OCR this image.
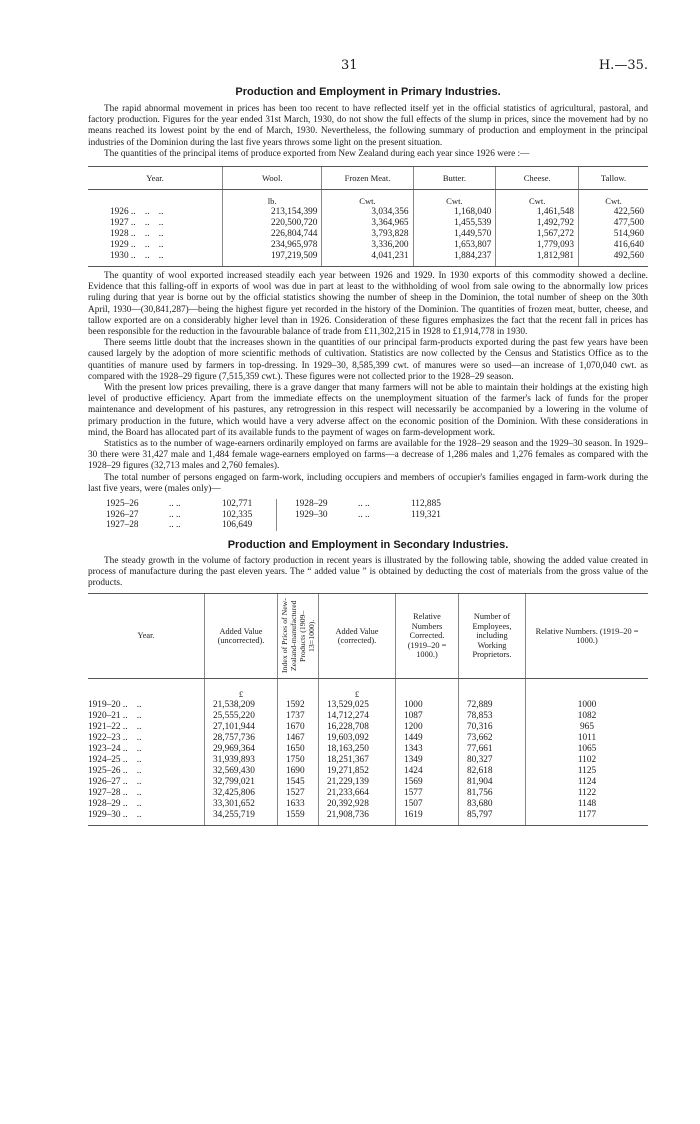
31	H.—35.
Production and Employment in Primary Industries.

The rapid abnormal movement in prices has been too recent to have reflected itself yet in the official statistics of agricultural, pastoral, and factory production. Figures for the year ended 31st March, 1930, do not show the full effects of the slump in prices, since the movement had by no means reached its lowest point by the end of March, 1930. Nevertheless, the following summary of production and employment in the principal industries of the Dominion during the last five years throws some light on the present situation.

The quantities of the principal items of produce exported from New Zealand during each year since 1926 were :—

Year.	Wool.	Frozen Meat.	Butter.	Cheese.	Tallow.
	lb.	Cwt.	Cwt.	Cwt.	Cwt.
1926 ..    ..    ..	213,154,399	3,034,356	1,168,040	1,461,548	422,560
1927 ..    ..    ..	220,500,720	3,364,965	1,455,539	1,492,792	477,500
1928 ..    ..    ..	226,804,744	3,793,828	1,449,570	1,567,272	514,960
1929 ..    ..    ..	234,965,978	3,336,200	1,653,807	1,779,093	416,640
1930 ..    ..    ..	197,219,509	4,041,231	1,884,237	1,812,981	492,560

The quantity of wool exported increased steadily each year between 1926 and 1929. In 1930 exports of this commodity showed a decline. Evidence that this falling-off in exports of wool was due in part at least to the withholding of wool from sale owing to the abnormally low prices ruling during that year is borne out by the official statistics showing the number of sheep in the Dominion, the total number of sheep on the 30th April, 1930—(30,841,287)—being the highest figure yet recorded in the history of the Dominion. The quantities of frozen meat, butter, cheese, and tallow exported are on a considerably higher level than in 1926. Consideration of these figures emphasizes the fact that the recent fall in prices has been responsible for the reduction in the favourable balance of trade from £11,302,215 in 1928 to £1,914,778 in 1930.

There seems little doubt that the increases shown in the quantities of our principal farm-products exported during the past few years have been caused largely by the adoption of more scientific methods of cultivation. Statistics are now collected by the Census and Statistics Office as to the quantities of manure used by farmers in top-dressing. In 1929–30, 8,585,399 cwt. of manures were so used—an increase of 1,070,040 cwt. as compared with the 1928–29 figure (7,515,359 cwt.). These figures were not collected prior to the 1928–29 season.

With the present low prices prevailing, there is a grave danger that many farmers will not be able to maintain their holdings at the existing high level of productive efficiency. Apart from the immediate effects on the unemployment situation of the farmer's lack of funds for the proper maintenance and development of his pastures, any retrogression in this respect will necessarily be accompanied by a lowering in the volume of primary production in the future, which would have a very adverse affect on the economic position of the Dominion. With these considerations in mind, the Board has allocated part of its available funds to the payment of wages on farm-development work.

Statistics as to the number of wage-earners ordinarily employed on farms are available for the 1928–29 season and the 1929–30 season. In 1929–30 there were 31,427 male and 1,484 female wage-earners employed on farms—a decrease of 1,286 males and 1,276 females as compared with the 1928–29 figures (32,713 males and 2,760 females).

The total number of persons engaged on farm-work, including occupiers and members of occupier's families engaged in farm-work during the last five years, were (males only)—

1925–26	.. ..	102,771	1928–29	.. ..	112,885	
1926–27	.. ..	102,335	1929–30	.. ..	119,321	
1927–28	.. ..	106,649				
Production and Employment in Secondary Industries.

The steady growth in the volume of factory production in recent years is illustrated by the following table, showing the added value created in process of manufacture during the past eleven years. The “ added value ” is obtained by deducting the cost of materials from the gross value of the products.

Year.	Added Value (uncorrected).	Index of Prices of New-Zealand-manufactured Products (1909–13=1000).	Added Value (corrected).	Relative Numbers Corrected. (1919–20 = 1000.)	Number of Employees, including Working Proprietors.	Relative Numbers. (1919–20 = 1000.)
	£		£			
1919–20 ..    ..	21,538,209	1592	13,529,025	1000	72,889	1000
1920–21 ..    ..	25,555,220	1737	14,712,274	1087	78,853	1082
1921–22 ..    ..	27,101,944	1670	16,228,708	1200	70,316	965
1922–23 ..    ..	28,757,736	1467	19,603,092	1449	73,662	1011
1923–24 ..    ..	29,969,364	1650	18,163,250	1343	77,661	1065
1924–25 ..    ..	31,939,893	1750	18,251,367	1349	80,327	1102
1925–26 ..    ..	32,569,430	1690	19,271,852	1424	82,618	1125
1926–27 ..    ..	32,799,021	1545	21,229,139	1569	81,904	1124
1927–28 ..    ..	32,425,806	1527	21,233,664	1577	81,756	1122
1928–29 ..    ..	33,301,652	1633	20,392,928	1507	83,680	1148
1929–30 ..    ..	34,255,719	1559	21,908,736	1619	85,797	1177
